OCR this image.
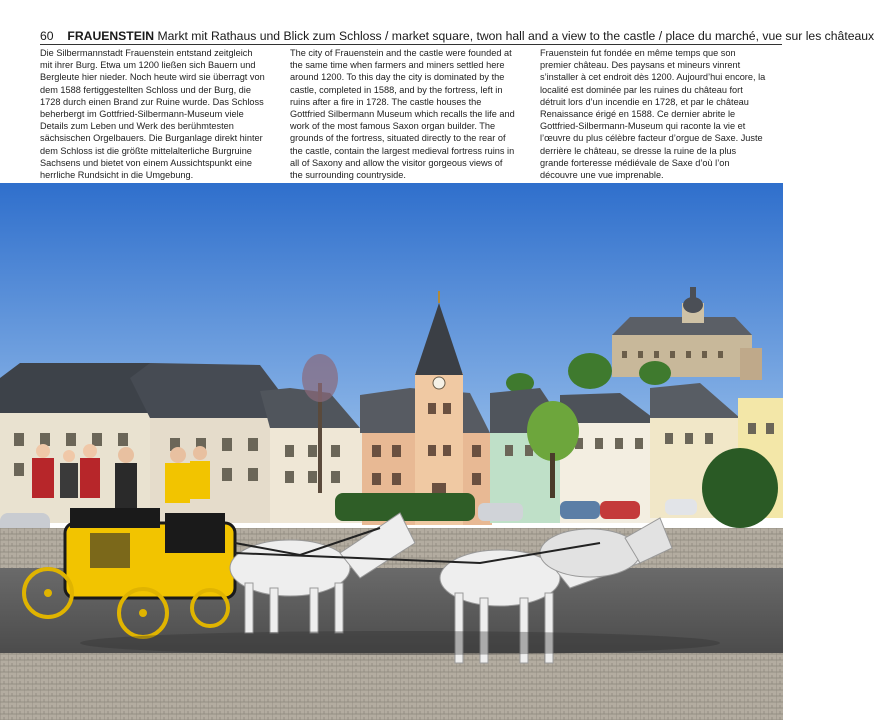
60 FRAUENSTEIN Markt mit Rathaus und Blick zum Schloss / market square, twon hall and a view to the castle / place du marché, vue sur les châteaux

Die Silbermannstadt Frauenstein entstand zeitgleich mit ihrer Burg. Etwa um 1200 ließen sich Bauern und Bergleute hier nieder. Noch heute wird sie überragt von dem 1588 fertiggestellten Schloss und der Burg, die 1728 durch einen Brand zur Ruine wurde. Das Schloss beherbergt im Gottfried-Silbermann-Museum viele Details zum Leben und Werk des berühmtesten sächsischen Orgelbauers. Die Burganlage direkt hinter dem Schloss ist die größte mittelalterliche Burgruine Sachsens und bietet von einem Aussichtspunkt eine herrliche Rundsicht in die Umgebung.

The city of Frauenstein and the castle were founded at the same time when farmers and miners settled here around 1200. To this day the city is dominated by the castle, completed in 1588, and by the fortress, left in ruins after a fire in 1728. The castle houses the Gottfried Silbermann Museum which recalls the life and work of the most famous Saxon organ builder. The grounds of the fortress, situated directly to the rear of the castle, contain the largest medieval fortress ruins in all of Saxony and allow the visitor gorgeous views of the surrounding countryside.

Frauenstein fut fondée en même temps que son premier château. Des paysans et mineurs vinrent s’installer à cet endroit dès 1200. Aujourd’hui encore, la localité est dominée par les ruines du château fort détruit lors d’un incendie en 1728, et par le château Renaissance érigé en 1588. Ce dernier abrite le Gottfried-Silbermann-Museum qui raconte la vie et l’œuvre du plus célèbre facteur d’orgue de Saxe. Juste derrière le château, se dresse la ruine de la plus grande forteresse médiévale de Saxe d’où l’on découvre une vue imprenable.
